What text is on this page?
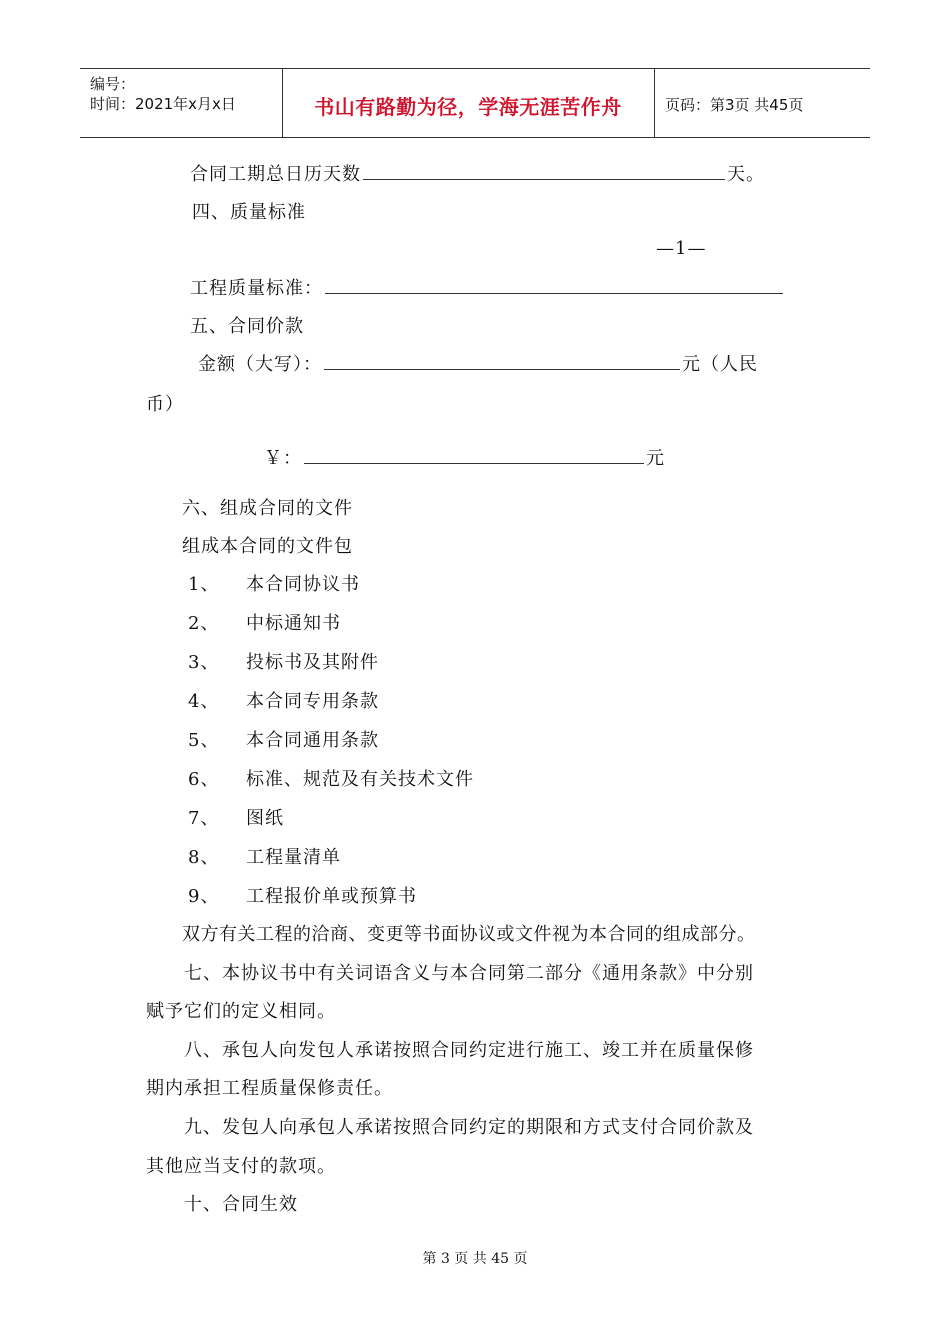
编号：
时间：2021年x月x日	书山有路勤为径，学海无涯苦作舟	页码：第3页 共45页
合同工期总日历天数	天。
四、质量标准
—1—
工程质量标准：
五、合同价款
金额（大写）：	元（人民
币）
￥：	元
六、组成合同的文件
组成本合同的文件包
1、 本合同协议书
2、 中标通知书
3、 投标书及其附件
4、 本合同专用条款
5、 本合同通用条款
6、 标准、规范及有关技术文件
7、 图纸
8、 工程量清单
9、 工程报价单或预算书
双方有关工程的洽商、变更等书面协议或文件视为本合同的组成部分。
七、本协议书中有关词语含义与本合同第二部分《通用条款》中分别
赋予它们的定义相同。
八、承包人向发包人承诺按照合同约定进行施工、竣工并在质量保修
期内承担工程质量保修责任。
九、发包人向承包人承诺按照合同约定的期限和方式支付合同价款及
其他应当支付的款项。
十、合同生效
第 3 页 共 45 页
